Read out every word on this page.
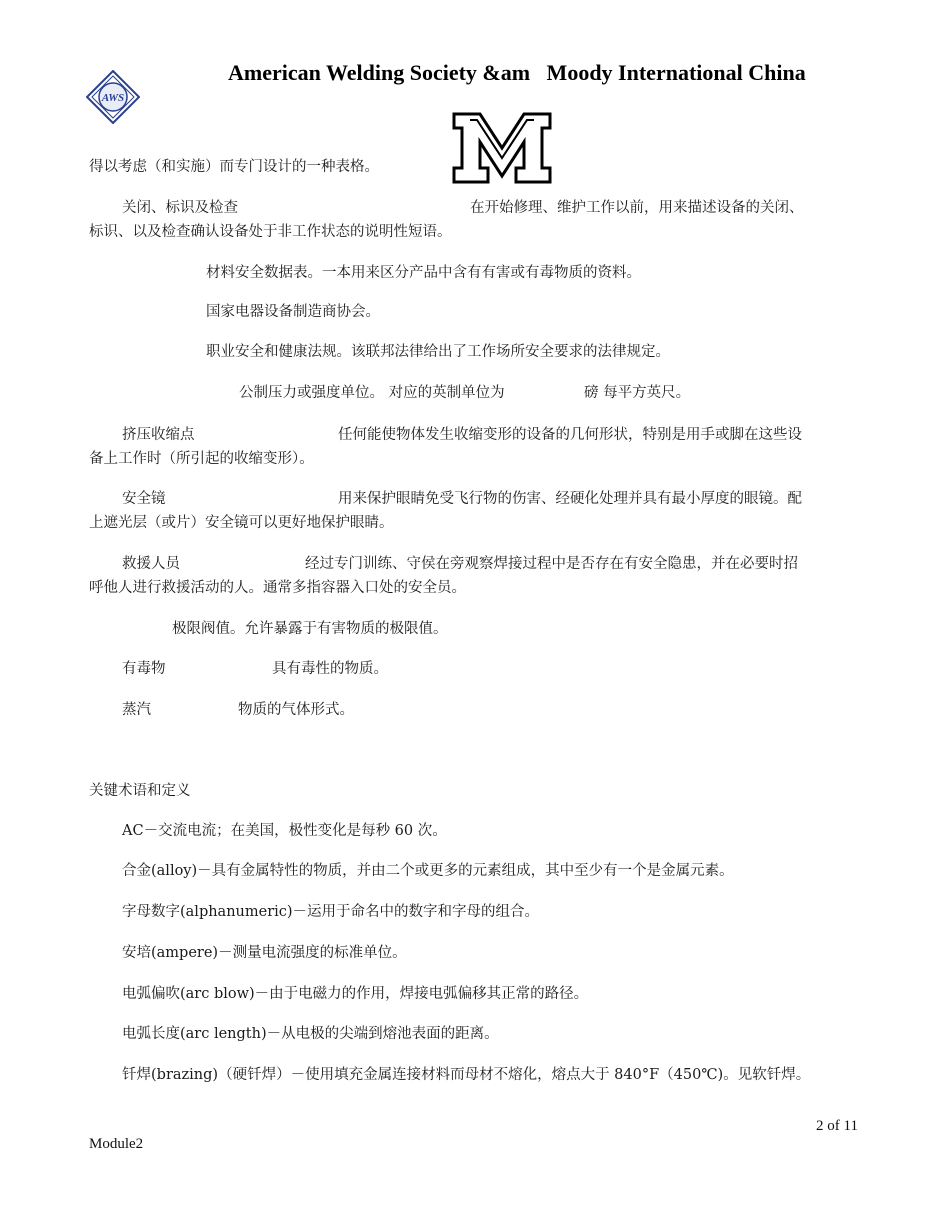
AWS
American Welding Society &am   Moody International China
得以考虑（和实施）而专门设计的一种表格。
关闭、标识及检查	在开始修理、维护工作以前，用来描述设备的关闭、
标识、以及检查确认设备处于非工作状态的说明性短语。
材料安全数据表。一本用来区分产品中含有有害或有毒物质的资料。
国家电器设备制造商协会。
职业安全和健康法规。该联邦法律给出了工作场所安全要求的法律规定。
公制压力或强度单位。 对应的英制单位为	磅 每平方英尺。
挤压收缩点	任何能使物体发生收缩变形的设备的几何形状，特别是用手或脚在这些设
备上工作时（所引起的收缩变形）。
安全镜	用来保护眼睛免受飞行物的伤害、经硬化处理并具有最小厚度的眼镜。配
上遮光层（或片）安全镜可以更好地保护眼睛。
救援人员	经过专门训练、守侯在旁观察焊接过程中是否存在有安全隐患，并在必要时招
呼他人进行救援活动的人。通常多指容器入口处的安全员。
极限阀值。允许暴露于有害物质的极限值。
有毒物	具有毒性的物质。
蒸汽	物质的气体形式。
关键术语和定义
AC－交流电流；在美国，极性变化是每秒 60 次。
合金(alloy)－具有金属特性的物质，并由二个或更多的元素组成，其中至少有一个是金属元素。
字母数字(alphanumeric)－运用于命名中的数字和字母的组合。
安培(ampere)－测量电流强度的标准单位。
电弧偏吹(arc blow)－由于电磁力的作用，焊接电弧偏移其正常的路径。
电弧长度(arc length)－从电极的尖端到熔池表面的距离。
钎焊(brazing)（硬钎焊）－使用填充金属连接材料而母材不熔化，熔点大于 840°F（450℃)。见软钎焊。
2 of 11
Module2
